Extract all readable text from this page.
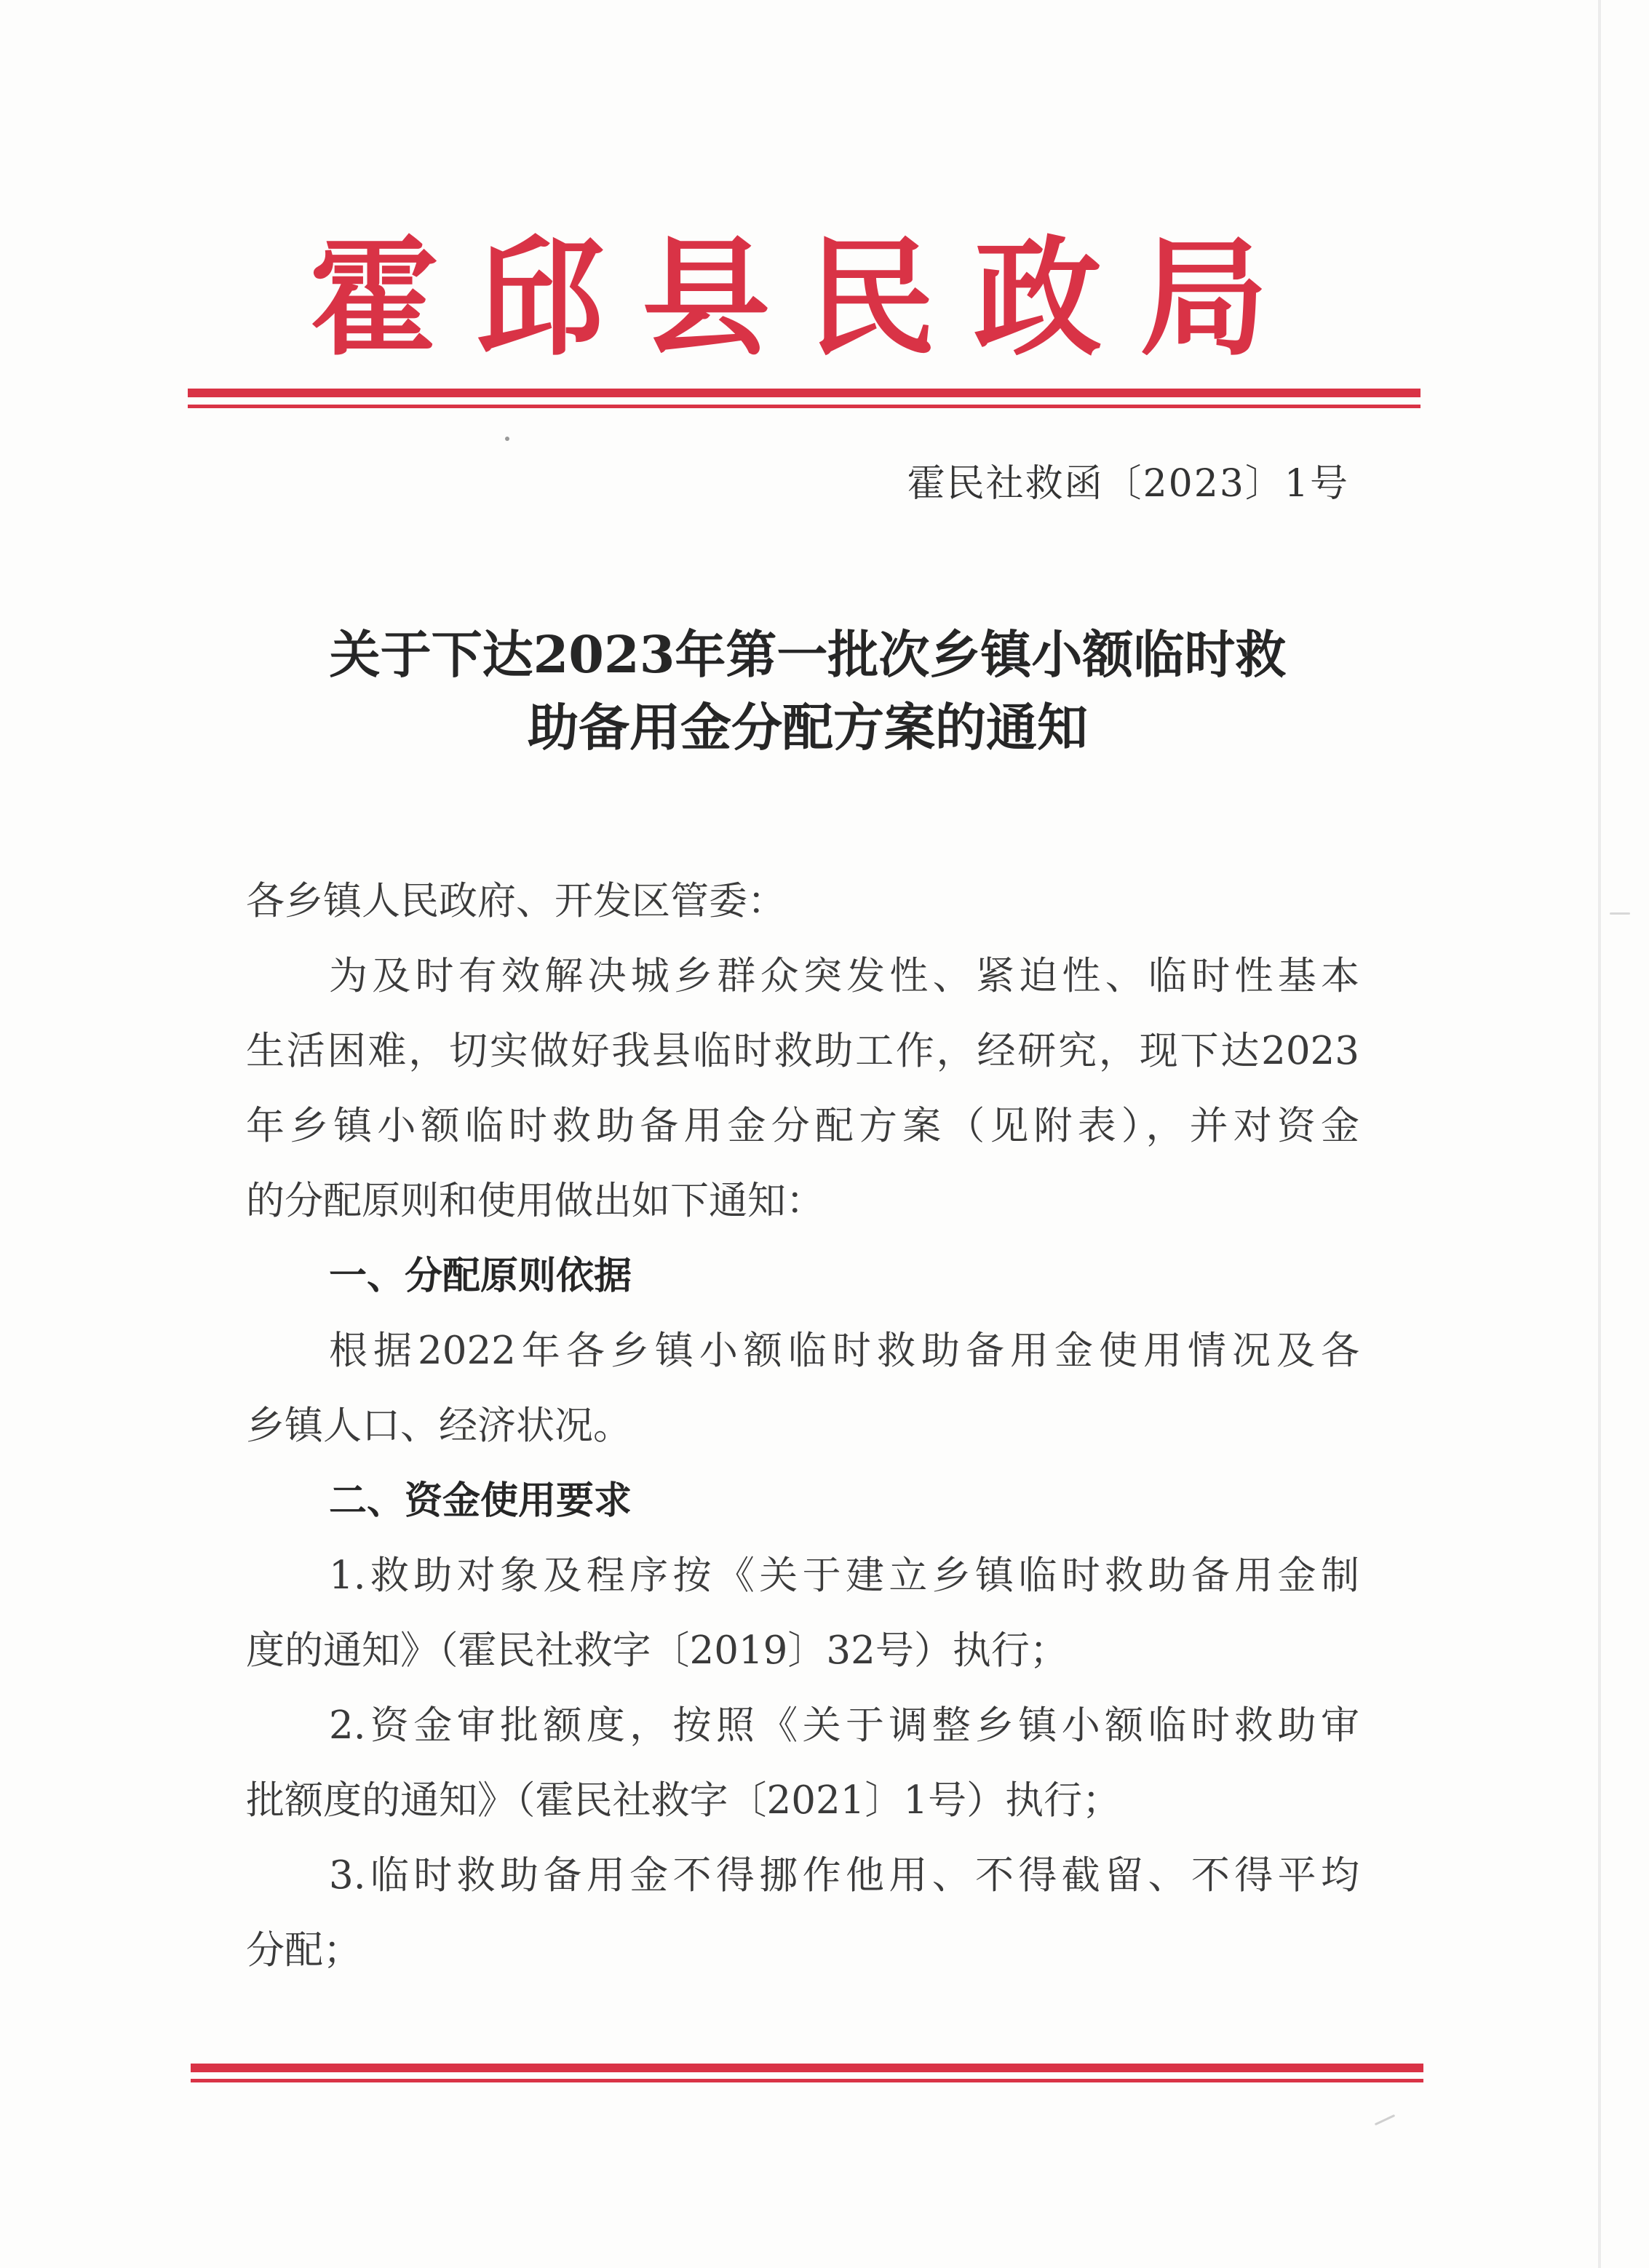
霍邱县民政局
霍民社救函〔2023〕1号
关于下达2023年第一批次乡镇小额临时救
助备用金分配方案的通知
各乡镇人民政府、开发区管委：
为及时有效解决城乡群众突发性、紧迫性、临时性基本
生活困难，切实做好我县临时救助工作，经研究，现下达2023
年乡镇小额临时救助备用金分配方案（见附表），并对资金
的分配原则和使用做出如下通知：
一、分配原则依据
根据2022年各乡镇小额临时救助备用金使用情况及各
乡镇人口、经济状况。
二、资金使用要求
1.救助对象及程序按《关于建立乡镇临时救助备用金制
度的通知》（霍民社救字〔2019〕32号）执行；
2.资金审批额度，按照《关于调整乡镇小额临时救助审
批额度的通知》（霍民社救字〔2021〕1号）执行；
3.临时救助备用金不得挪作他用、不得截留、不得平均
分配；
